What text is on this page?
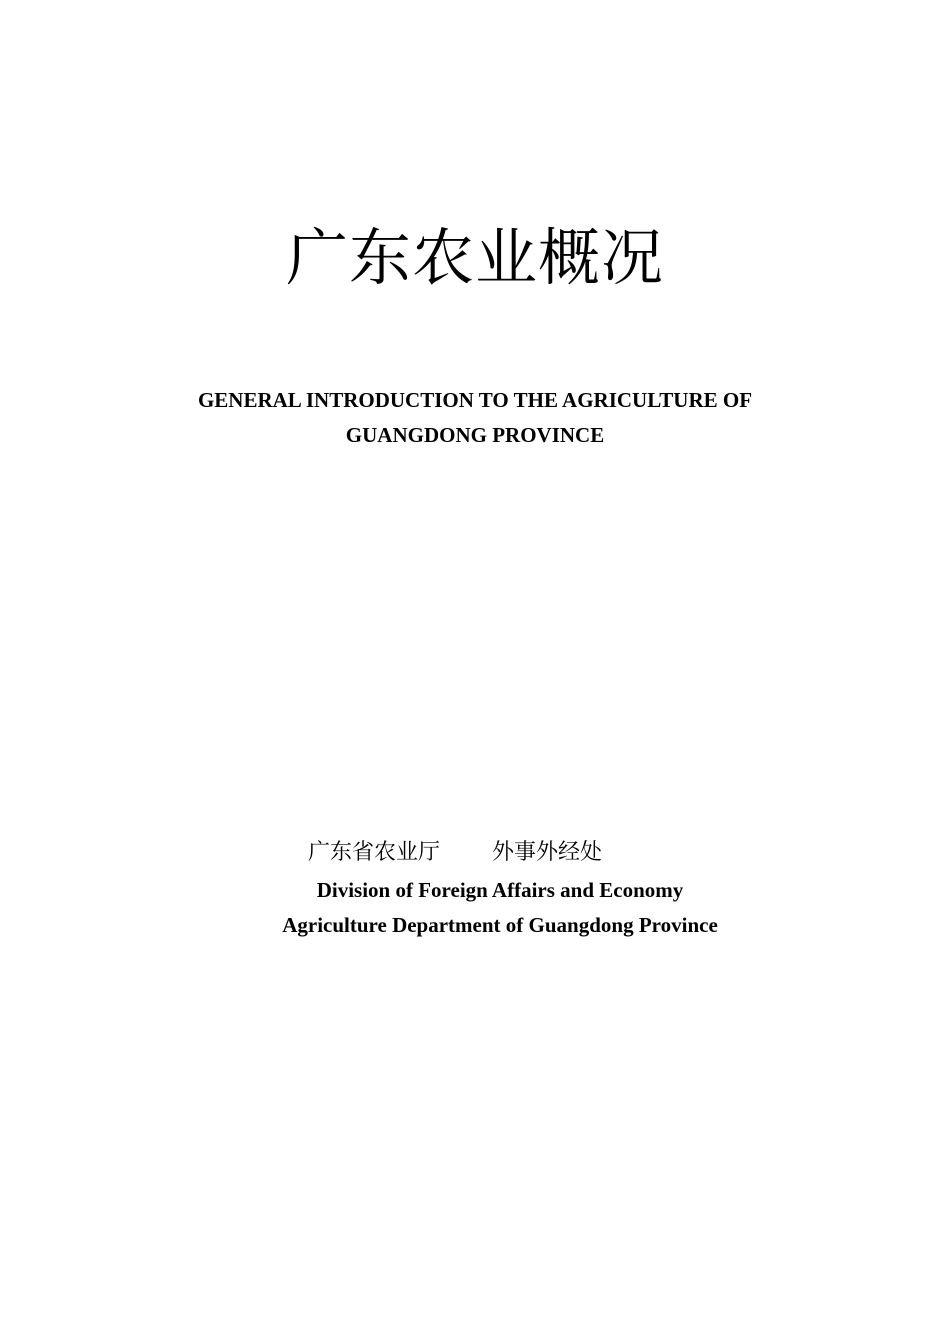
广东农业概况
GENERAL INTRODUCTION TO THE AGRICULTURE OF
GUANGDONG PROVINCE
广东省农业厅 外事外经处
Division of Foreign Affairs and Economy
Agriculture Department of Guangdong Province
